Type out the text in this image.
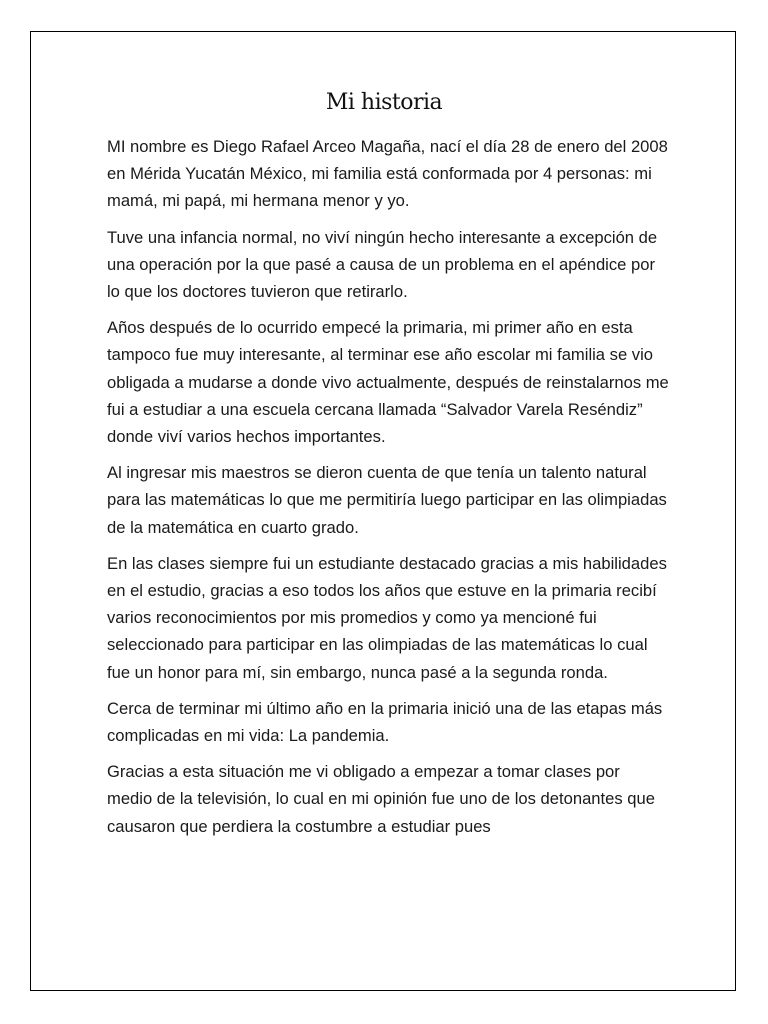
Mi historia

MI nombre es Diego Rafael Arceo Magaña, nací el día 28 de enero del 2008 en Mérida Yucatán México, mi familia está conformada por 4 personas: mi mamá, mi papá, mi hermana menor y yo.

Tuve una infancia normal, no viví ningún hecho interesante a excepción de una operación por la que pasé a causa de un problema en el apéndice por lo que los doctores tuvieron que retirarlo.

Años después de lo ocurrido empecé la primaria, mi primer año en esta tampoco fue muy interesante, al terminar ese año escolar mi familia se vio obligada a mudarse a donde vivo actualmente, después de reinstalarnos me fui a estudiar a una escuela cercana llamada “Salvador Varela Reséndiz” donde viví varios hechos importantes.

Al ingresar mis maestros se dieron cuenta de que tenía un talento natural para las matemáticas lo que me permitiría luego participar en las olimpiadas de la matemática en cuarto grado.

En las clases siempre fui un estudiante destacado gracias a mis habilidades en el estudio, gracias a eso todos los años que estuve en la primaria recibí varios reconocimientos por mis promedios y como ya mencioné fui seleccionado para participar en las olimpiadas de las matemáticas lo cual fue un honor para mí, sin embargo, nunca pasé a la segunda ronda.

Cerca de terminar mi último año en la primaria inició una de las etapas más complicadas en mi vida: La pandemia.

Gracias a esta situación me vi obligado a empezar a tomar clases por medio de la televisión, lo cual en mi opinión fue uno de los detonantes que causaron que perdiera la costumbre a estudiar pues
